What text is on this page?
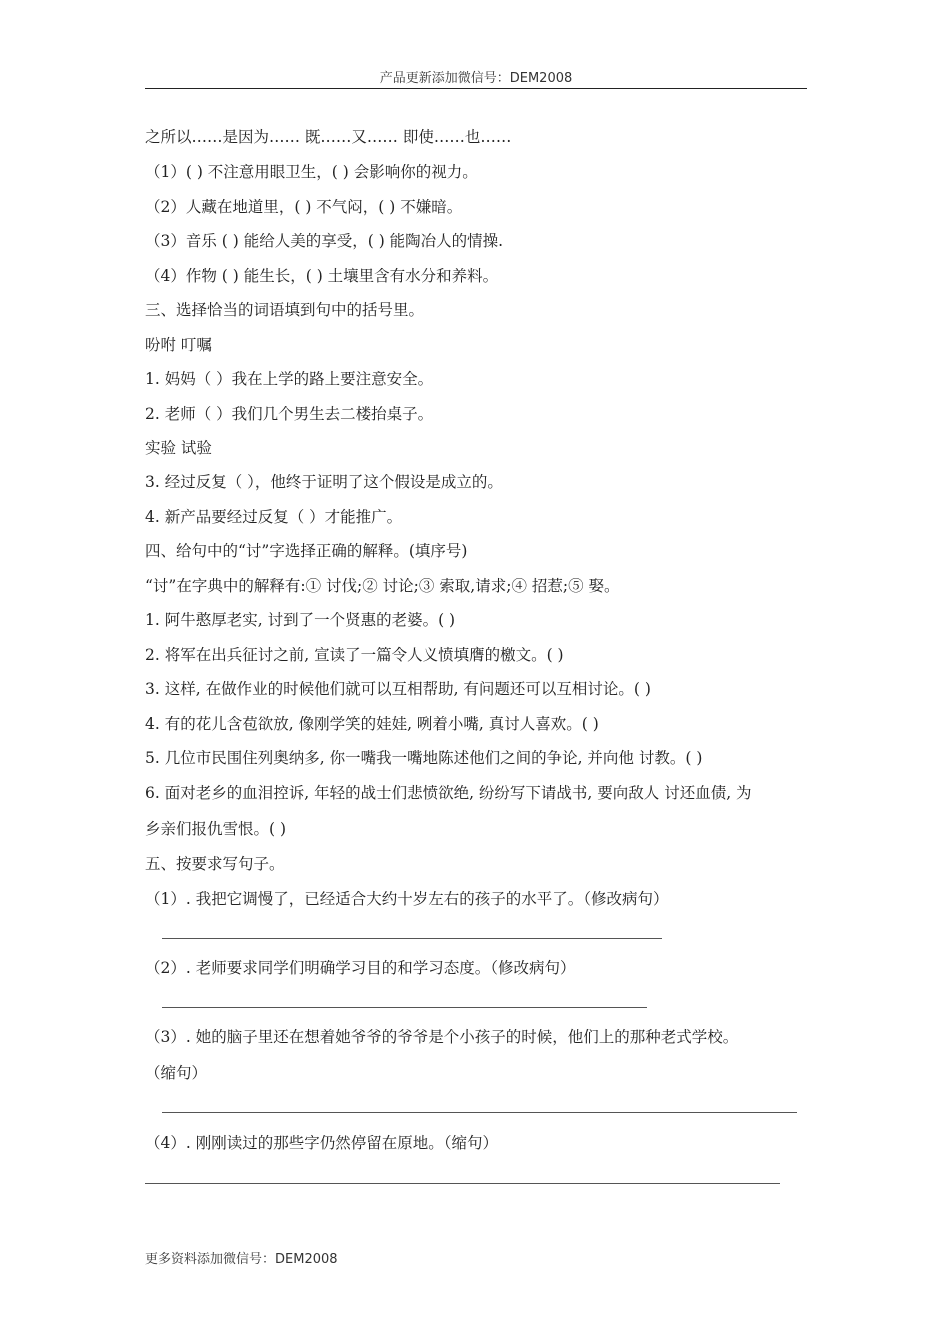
产品更新添加微信号：DEM2008
之所以……是因为…… 既……又…… 即使……也……
（1）( ) 不注意用眼卫生，( ) 会影响你的视力。
（2）人藏在地道里，( ) 不气闷，( ) 不嫌暗。
（3）音乐 ( ) 能给人美的享受，( ) 能陶冶人的情操.
（4）作物 ( ) 能生长，( ) 土壤里含有水分和养料。
三、选择恰当的词语填到句中的括号里。
吩咐 叮嘱
1. 妈妈（ ）我在上学的路上要注意安全。
2. 老师（ ）我们几个男生去二楼抬桌子。
实验 试验
3. 经过反复（ ），他终于证明了这个假设是成立的。
4. 新产品要经过反复（ ）才能推广。
四、给句中的“讨”字选择正确的解释。(填序号)
“讨”在字典中的解释有:① 讨伐;② 讨论;③ 索取,请求;④ 招惹;⑤ 娶。
1. 阿牛憨厚老实, 讨到了一个贤惠的老婆。( )
2. 将军在出兵征讨之前, 宣读了一篇令人义愤填膺的檄文。( )
3. 这样, 在做作业的时候他们就可以互相帮助, 有问题还可以互相讨论。( )
4. 有的花儿含苞欲放, 像刚学笑的娃娃, 咧着小嘴, 真讨人喜欢。( )
5. 几位市民围住列奥纳多, 你一嘴我一嘴地陈述他们之间的争论, 并向他 讨教。( )
6. 面对老乡的血泪控诉, 年轻的战士们悲愤欲绝, 纷纷写下请战书, 要向敌人 讨还血债, 为
乡亲们报仇雪恨。( )
五、按要求写句子。
（1）. 我把它调慢了，已经适合大约十岁左右的孩子的水平了。（修改病句）
（2）. 老师要求同学们明确学习目的和学习态度。（修改病句）
（3）. 她的脑子里还在想着她爷爷的爷爷是个小孩子的时候，他们上的那种老式学校。
（缩句）
（4）. 刚刚读过的那些字仍然停留在原地。（缩句）
更多资料添加微信号：DEM2008
